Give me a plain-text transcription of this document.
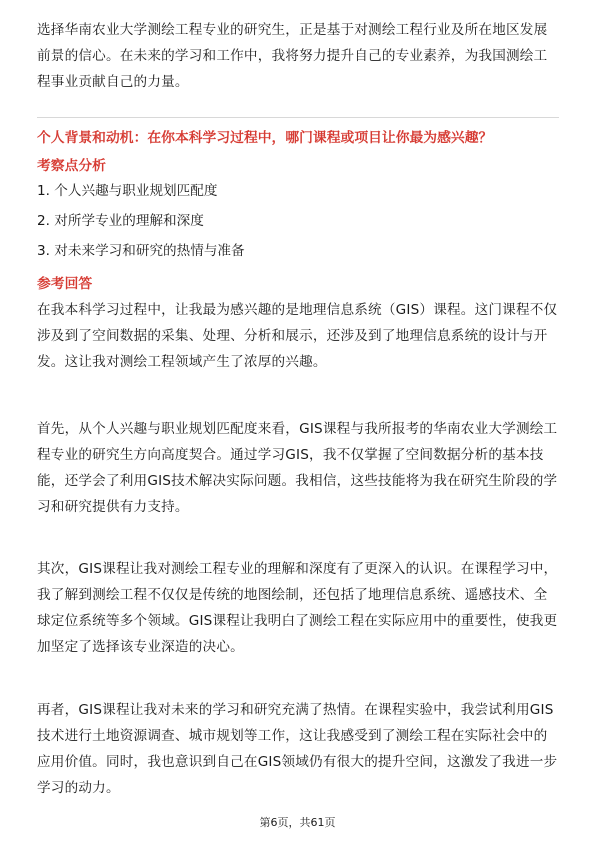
选择华南农业大学测绘工程专业的研究生，正是基于对测绘工程行业及所在地区发展前景的信心。在未来的学习和工作中，我将努力提升自己的专业素养，为我国测绘工程事业贡献自己的力量。
个人背景和动机：在你本科学习过程中，哪门课程或项目让你最为感兴趣？
考察点分析
1. 个人兴趣与职业规划匹配度
2. 对所学专业的理解和深度
3. 对未来学习和研究的热情与准备
参考回答
在我本科学习过程中，让我最为感兴趣的是地理信息系统（GIS）课程。这门课程不仅涉及到了空间数据的采集、处理、分析和展示，还涉及到了地理信息系统的设计与开发。这让我对测绘工程领域产生了浓厚的兴趣。
首先，从个人兴趣与职业规划匹配度来看，GIS课程与我所报考的华南农业大学测绘工程专业的研究生方向高度契合。通过学习GIS，我不仅掌握了空间数据分析的基本技能，还学会了利用GIS技术解决实际问题。我相信，这些技能将为我在研究生阶段的学习和研究提供有力支持。
其次，GIS课程让我对测绘工程专业的理解和深度有了更深入的认识。在课程学习中，我了解到测绘工程不仅仅是传统的地图绘制，还包括了地理信息系统、遥感技术、全球定位系统等多个领域。GIS课程让我明白了测绘工程在实际应用中的重要性，使我更加坚定了选择该专业深造的决心。
再者，GIS课程让我对未来的学习和研究充满了热情。在课程实验中，我尝试利用GIS技术进行土地资源调查、城市规划等工作，这让我感受到了测绘工程在实际社会中的应用价值。同时，我也意识到自己在GIS领域仍有很大的提升空间，这激发了我进一步学习的动力。
第6页，共61页
